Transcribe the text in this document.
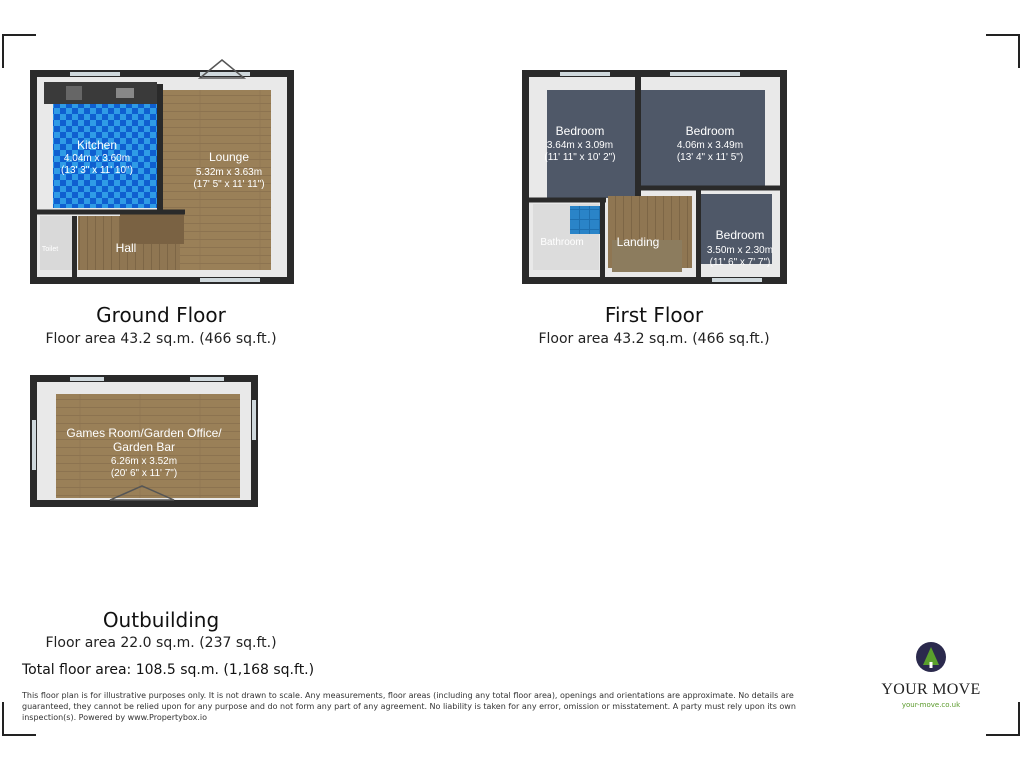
Kitchen
4.04m x 3.60m
(13' 3" x 11' 10")
Lounge
5.32m x 3.63m
(17' 5" x 11' 11")
Hall
Toilet
Bedroom
3.64m x 3.09m
(11' 11" x 10' 2")
Bedroom
4.06m x 3.49m
(13' 4" x 11' 5")
Bedroom
3.50m x 2.30m
(11' 6" x 7' 7")
Landing
Bathroom
Games Room/Garden Office/
Garden Bar
6.26m x 3.52m
(20' 6" x 11' 7")
Ground Floor
Floor area 43.2 sq.m. (466 sq.ft.)
First Floor
Floor area 43.2 sq.m. (466 sq.ft.)
Outbuilding
Floor area 22.0 sq.m. (237 sq.ft.)
Total floor area: 108.5 sq.m. (1,168 sq.ft.)
This floor plan is for illustrative purposes only. It is not drawn to scale. Any measurements, floor areas (including any total floor area), openings and orientations are approximate. No details are guaranteed, they cannot be relied upon for any purpose and do not form any part of any agreement. No liability is taken for any error, omission or misstatement. A party must rely upon its own inspection(s). Powered by www.Propertybox.io
YOUR MOVE
your-move.co.uk
